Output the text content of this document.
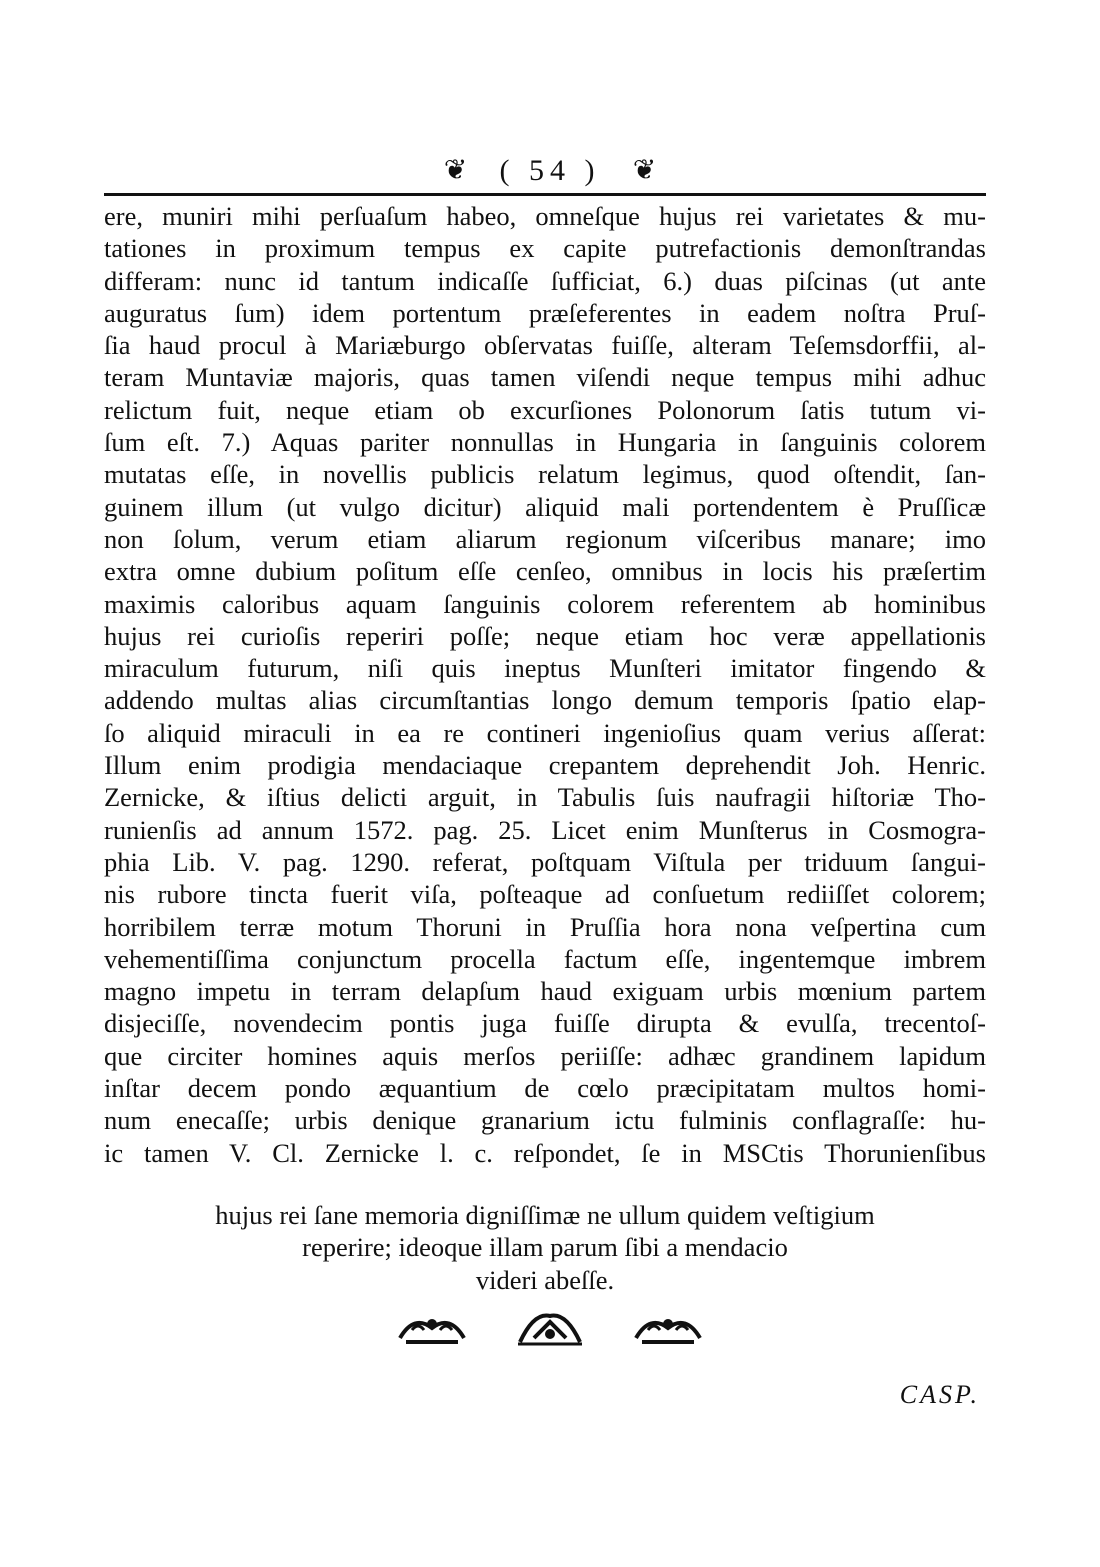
❦ ( 54 ) ❦
ere, muniri mihi perſuaſum habeo, omneſque hujus rei varietates & mu-
tationes in proximum tempus ex capite putrefactionis demonſtrandas
differam: nunc id tantum indicaſſe ſufficiat, 6.) duas piſcinas (ut ante
auguratus ſum) idem portentum præſeferentes in eadem noſtra Pruſ-
ſia haud procul à Mariæburgo obſervatas fuiſſe, alteram Teſemsdorffii, al-
teram Muntaviæ majoris, quas tamen viſendi neque tempus mihi adhuc
relictum fuit, neque etiam ob excurſiones Polonorum ſatis tutum vi-
ſum eſt. 7.) Aquas pariter nonnullas in Hungaria in ſanguinis colorem
mutatas eſſe, in novellis publicis relatum legimus, quod oſtendit, ſan-
guinem illum (ut vulgo dicitur) aliquid mali portendentem è Pruſſicæ
non ſolum, verum etiam aliarum regionum viſceribus manare; imo
extra omne dubium poſitum eſſe cenſeo, omnibus in locis his præſertim
maximis caloribus aquam ſanguinis colorem referentem ab hominibus
hujus rei curioſis reperiri poſſe; neque etiam hoc veræ appellationis
miraculum futurum, niſi quis ineptus Munſteri imitator fingendo &
addendo multas alias circumſtantias longo demum temporis ſpatio elap-
ſo aliquid miraculi in ea re contineri ingenioſius quam verius aſſerat:
Illum enim prodigia mendaciaque crepantem deprehendit Joh. Henric.
Zernicke, & iſtius delicti arguit, in Tabulis ſuis naufragii hiſtoriæ Tho-
runienſis ad annum 1572. pag. 25. Licet enim Munſterus in Cosmogra-
phia Lib. V. pag. 1290. referat, poſtquam Viſtula per triduum ſangui-
nis rubore tincta fuerit viſa, poſteaque ad conſuetum rediiſſet colorem;
horribilem terræ motum Thoruni in Pruſſia hora nona veſpertina cum
vehementiſſima conjunctum procella factum eſſe, ingentemque imbrem
magno impetu in terram delapſum haud exiguam urbis mœnium partem
disjeciſſe, novendecim pontis juga fuiſſe dirupta & evulſa, trecentoſ-
que circiter homines aquis merſos periiſſe: adhæc grandinem lapidum
inſtar decem pondo æquantium de cœlo præcipitatam multos homi-
num enecaſſe; urbis denique granarium ictu fulminis conflagraſſe: hu-
ic tamen V. Cl. Zernicke l. c. reſpondet, ſe in MSCtis Thorunienſibus
hujus rei ſane memoria digniſſimæ ne ullum quidem veſtigium
reperire; ideoque illam parum ſibi a mendacio
videri abeſſe.
CASP.
